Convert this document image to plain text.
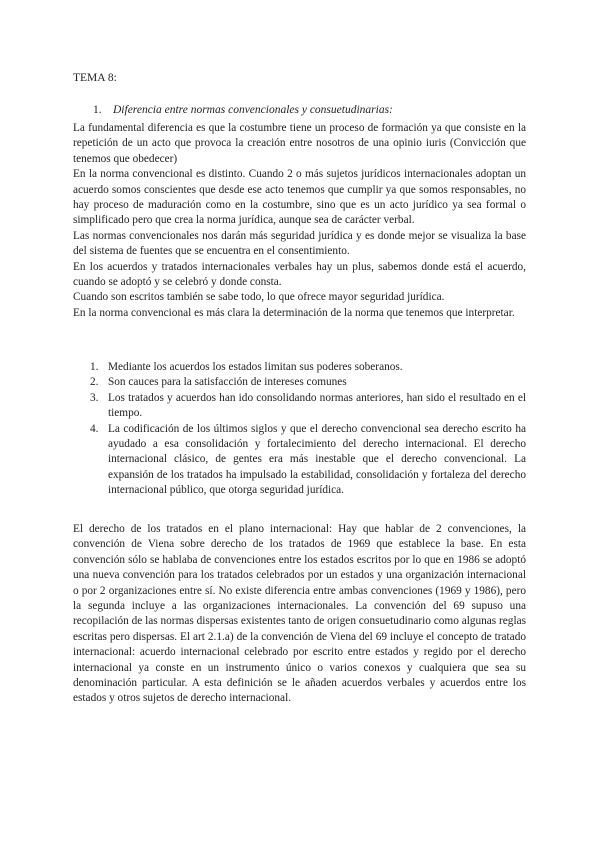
TEMA 8:
1. Diferencia entre normas convencionales y consuetudinarias:

La fundamental diferencia es que la costumbre tiene un proceso de formación ya que consiste en la repetición de un acto que provoca la creación entre nosotros de una opinio iuris (Convicción que tenemos que obedecer)

En la norma convencional es distinto. Cuando 2 o más sujetos jurídicos internacionales adoptan un acuerdo somos conscientes que desde ese acto tenemos que cumplir ya que somos responsables, no hay proceso de maduración como en la costumbre, sino que es un acto jurídico ya sea formal o simplificado pero que crea la norma jurídica, aunque sea de carácter verbal.

Las normas convencionales nos darán más seguridad jurídica y es donde mejor se visualiza la base del sistema de fuentes que se encuentra en el consentimiento.

En los acuerdos y tratados internacionales verbales hay un plus, sabemos donde está el acuerdo, cuando se adoptó y se celebró y donde consta.

Cuando son escritos también se sabe todo, lo que ofrece mayor seguridad jurídica.

En la norma convencional es más clara la determinación de la norma que tenemos que interpretar.

1. Mediante los acuerdos los estados limitan sus poderes soberanos.
2. Son cauces para la satisfacción de intereses comunes
3. Los tratados y acuerdos han ido consolidando normas anteriores, han sido el resultado en el tiempo.
4. La codificación de los últimos siglos y que el derecho convencional sea derecho escrito ha ayudado a esa consolidación y fortalecimiento del derecho internacional. El derecho internacional clásico, de gentes era más inestable que el derecho convencional. La expansión de los tratados ha impulsado la estabilidad, consolidación y fortaleza del derecho internacional público, que otorga seguridad jurídica.

El derecho de los tratados en el plano internacional: Hay que hablar de 2 convenciones, la convención de Viena sobre derecho de los tratados de 1969 que establece la base. En esta convención sólo se hablaba de convenciones entre los estados escritos por lo que en 1986 se adoptó una nueva convención para los tratados celebrados por un estados y una organización internacional o por 2 organizaciones entre sí. No existe diferencia entre ambas convenciones (1969 y 1986), pero la segunda incluye a las organizaciones internacionales. La convención del 69 supuso una recopilación de las normas dispersas existentes tanto de origen consuetudinario como algunas reglas escritas pero dispersas. El art 2.1.a) de la convención de Viena del 69 incluye el concepto de tratado internacional: acuerdo internacional celebrado por escrito entre estados y regido por el derecho internacional ya conste en un instrumento único o varios conexos y cualquiera que sea su denominación particular. A esta definición se le añaden acuerdos verbales y acuerdos entre los estados y otros sujetos de derecho internacional.
